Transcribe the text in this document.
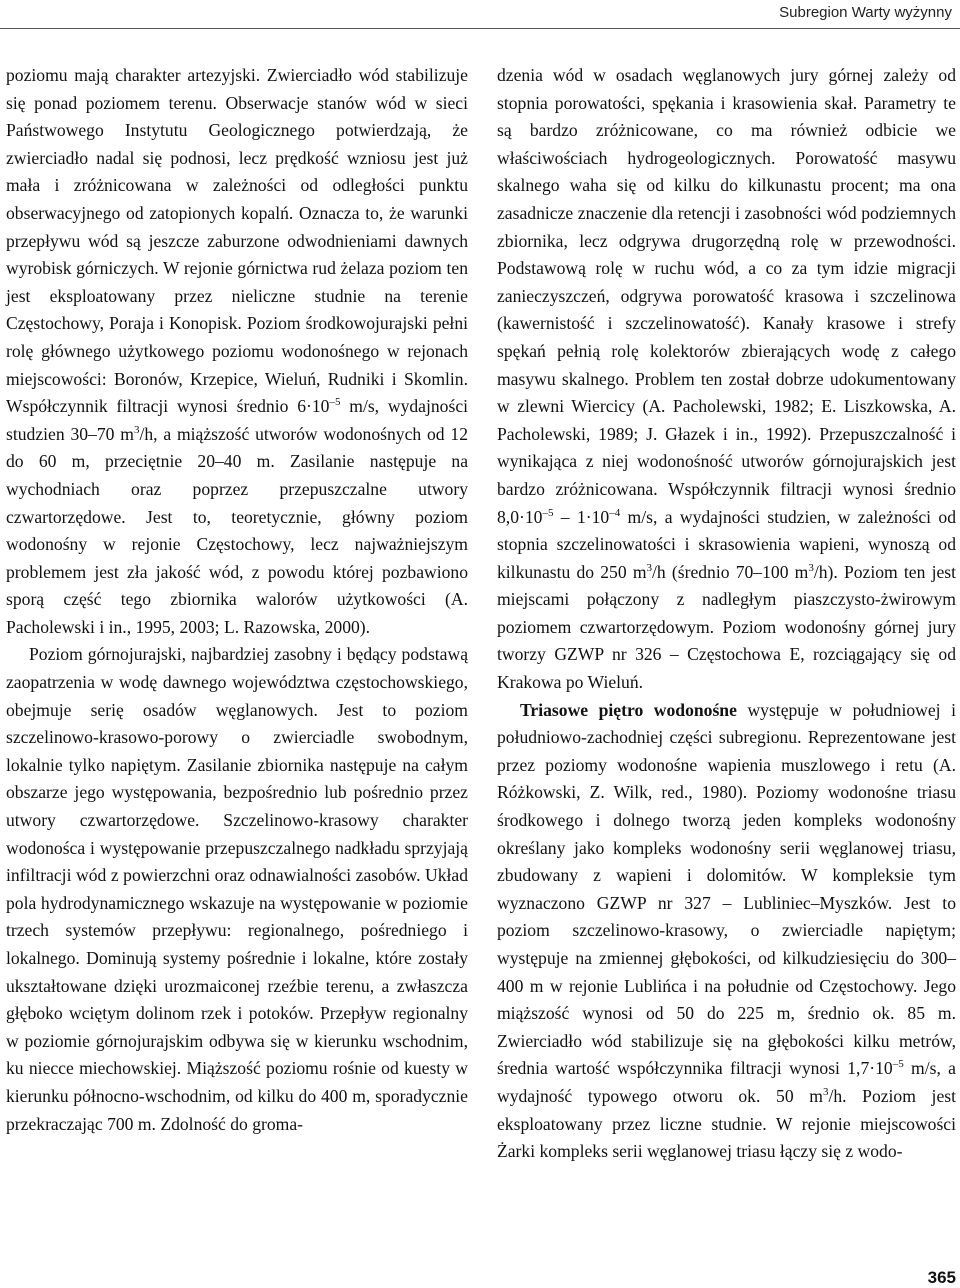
Subregion Warty wyżynny

poziomu mają charakter artezyjski. Zwierciadło wód stabilizuje się ponad poziomem terenu. Obserwacje stanów wód w sieci Państwowego Instytutu Geologicznego potwierdzają, że zwierciadło nadal się podnosi, lecz prędkość wzniosu jest już mała i zróżnicowana w zależności od odległości punktu obserwacyjnego od zatopionych kopalń. Oznacza to, że warunki przepływu wód są jeszcze zaburzone odwodnieniami dawnych wyrobisk górniczych. W rejonie górnictwa rud żelaza poziom ten jest eksploatowany przez nieliczne studnie na terenie Częstochowy, Poraja i Konopisk. Poziom środkowojurajski pełni rolę głównego użytkowego poziomu wodonośnego w rejonach miejscowości: Boronów, Krzepice, Wieluń, Rudniki i Skomlin. Współczynnik filtracji wynosi średnio $6\cdot 10^{-5}$ m/s, wydajności studzien 30–70 $m^3/h$, a miąższość utworów wodonośnych od 12 do 60 m, przeciętnie 20–40 m. Zasilanie następuje na wychodniach oraz poprzez przepuszczalne utwory czwartorzędowe. Jest to, teoretycznie, główny poziom wodonośny w rejonie Częstochowy, lecz najważniejszym problemem jest zła jakość wód, z powodu której pozbawiono sporą część tego zbiornika walorów użytkowości (A. Pacholewski i in., 1995, 2003; L. Razowska, 2000).

Poziom górnojurajski, najbardziej zasobny i będący podstawą zaopatrzenia w wodę dawnego województwa częstochowskiego, obejmuje serię osadów węglanowych. Jest to poziom szczelinowo-krasowo-porowy o zwierciadle swobodnym, lokalnie tylko napiętym. Zasilanie zbiornika następuje na całym obszarze jego występowania, bezpośrednio lub pośrednio przez utwory czwartorzędowe. Szczelinowo-krasowy charakter wodonośca i występowanie przepuszczalnego nadkładu sprzyjają infiltracji wód z powierzchni oraz odnawialności zasobów. Układ pola hydrodynamicznego wskazuje na występowanie w poziomie trzech systemów przepływu: regionalnego, pośredniego i lokalnego. Dominują systemy pośrednie i lokalne, które zostały ukształtowane dzięki urozmaiconej rzeźbie terenu, a zwłaszcza głęboko wciętym dolinom rzek i potoków. Przepływ regionalny w poziomie górnojurajskim odbywa się w kierunku wschodnim, ku niecce miechowskiej. Miąższość poziomu rośnie od kuesty w kierunku północno-wschodnim, od kilku do 400 m, sporadycznie przekraczając 700 m. Zdolność do groma-

dzenia wód w osadach węglanowych jury górnej zależy od stopnia porowatości, spękania i krasowienia skał. Parametry te są bardzo zróżnicowane, co ma również odbicie we właściwościach hydrogeologicznych. Porowatość masywu skalnego waha się od kilku do kilkunastu procent; ma ona zasadnicze znaczenie dla retencji i zasobności wód podziemnych zbiornika, lecz odgrywa drugorzędną rolę w przewodności. Podstawową rolę w ruchu wód, a co za tym idzie migracji zanieczyszczeń, odgrywa porowatość krasowa i szczelinowa (kawernistość i szczelinowatość). Kanały krasowe i strefy spękań pełnią rolę kolektorów zbierających wodę z całego masywu skalnego. Problem ten został dobrze udokumentowany w zlewni Wiercicy (A. Pacholewski, 1982; E. Liszkowska, A. Pacholewski, 1989; J. Głazek i in., 1992). Przepuszczalność i wynikająca z niej wodonośność utworów górnojurajskich jest bardzo zróżnicowana. Współczynnik filtracji wynosi średnio $8,0\cdot 10^{-5} - 1\cdot 10^{-4}$ m/s, a wydajności studzien, w zależności od stopnia szczelinowatości i skrasowienia wapieni, wynoszą od kilkunastu do 250 $m^3/h$ (średnio 70–100 $m^3/h$). Poziom ten jest miejscami połączony z nadległym piaszczysto-żwirowym poziomem czwartorzędowym. Poziom wodonośny górnej jury tworzy GZWP nr 326 – Częstochowa E, rozciągający się od Krakowa po Wieluń.

Triasowe piętro wodonośne występuje w południowej i południowo-zachodniej części subregionu. Reprezentowane jest przez poziomy wodonośne wapienia muszlowego i retu (A. Różkowski, Z. Wilk, red., 1980). Poziomy wodonośne triasu środkowego i dolnego tworzą jeden kompleks wodonośny określany jako kompleks wodonośny serii węglanowej triasu, zbudowany z wapieni i dolomitów. W kompleksie tym wyznaczono GZWP nr 327 – Lubliniec–Myszków. Jest to poziom szczelinowo-krasowy, o zwierciadle napiętym; występuje na zmiennej głębokości, od kilkudziesięciu do 300–400 m w rejonie Lublińca i na południe od Częstochowy. Jego miąższość wynosi od 50 do 225 m, średnio ok. 85 m. Zwierciadło wód stabilizuje się na głębokości kilku metrów, średnia wartość współczynnika filtracji wynosi $1,7\cdot 10^{-5}$ m/s, a wydajność typowego otworu ok. 50 $m^3/h$. Poziom jest eksploatowany przez liczne studnie. W rejonie miejscowości Żarki kompleks serii węglanowej triasu łączy się z wodo-

365
